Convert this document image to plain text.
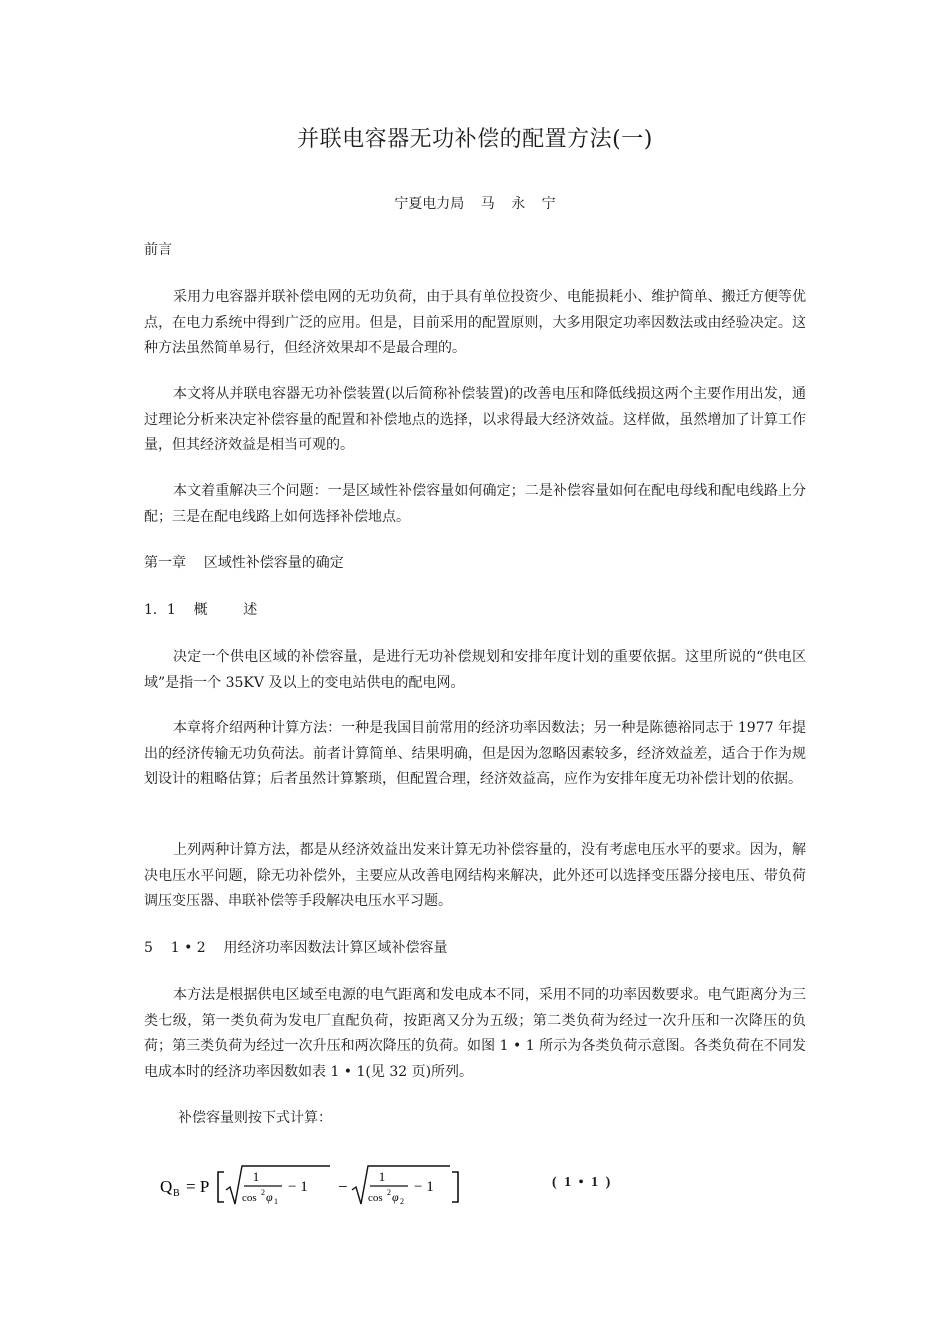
并联电容器无功补偿的配置方法(一)
宁夏电力局 马 永 宁
前言
采用力电容器并联补偿电网的无功负荷，由于具有单位投资少、电能损耗小、维护简单、搬迁方便等优点，在电力系统中得到广泛的应用。但是，目前采用的配置原则，大多用限定功率因数法或由经验决定。这种方法虽然简单易行，但经济效果却不是最合理的。
本文将从并联电容器无功补偿装置(以后简称补偿装置)的改善电压和降低线损这两个主要作用出发，通过理论分析来决定补偿容量的配置和补偿地点的选择，以求得最大经济效益。这样做，虽然增加了计算工作量，但其经济效益是相当可观的。
本文着重解决三个问题：一是区域性补偿容量如何确定；二是补偿容量如何在配电母线和配电线路上分配；三是在配电线路上如何选择补偿地点。
第一章    区域性补偿容量的确定
1．1    概        述
决定一个供电区域的补偿容量，是进行无功补偿规划和安排年度计划的重要依据。这里所说的“供电区域”是指一个 35KV 及以上的变电站供电的配电网。
本章将介绍两种计算方法：一种是我国目前常用的经济功率因数法；另一种是陈德裕同志于 1977 年提出的经济传输无功负荷法。前者计算简单、结果明确，但是因为忽略因素较多，经济效益差，适合于作为规划设计的粗略估算；后者虽然计算繁琐，但配置合理，经济效益高，应作为安排年度无功补偿计划的依据。
上列两种计算方法，都是从经济效益出发来计算无功补偿容量的，没有考虑电压水平的要求。因为，解决电压水平问题，除无功补偿外，主要应从改善电网结构来解决，此外还可以选择变压器分接电压、带负荷调压变压器、串联补偿等手段解决电压水平习题。
5    1 • 2    用经济功率因数法计算区域补偿容量
本方法是根据供电区域至电源的电气距离和发电成本不同，采用不同的功率因数要求。电气距离分为三类七级，第一类负荷为发电厂直配负荷，按距离又分为五级；第二类负荷为经过一次升压和一次降压的负荷；第三类负荷为经过一次升压和两次降压的负荷。如图 1 • 1 所示为各类负荷示意图。各类负荷在不同发电成本时的经济功率因数如表 1 • 1(见 32 页)所列。
补偿容量则按下式计算：
Q B = P
1
cos 2 φ 1
− 1 −
1
cos 2 φ 2
− 1	( 1 • 1 )
